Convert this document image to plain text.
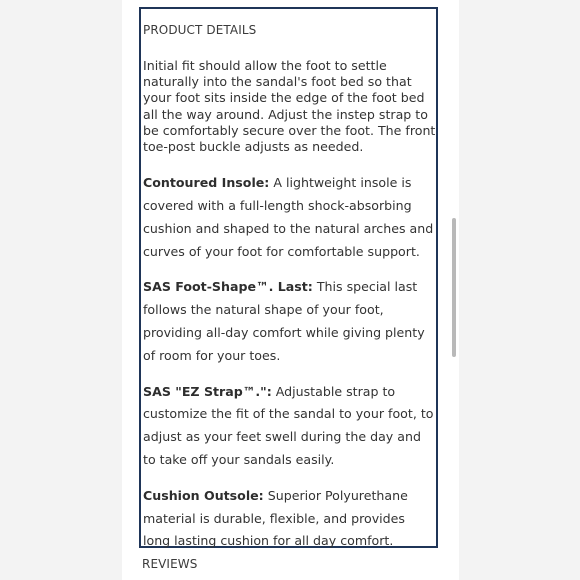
PRODUCT DETAILS

Initial fit should allow the foot to settle naturally into the sandal's foot bed so that your foot sits inside the edge of the foot bed all the way around. Adjust the instep strap to be comfortably secure over the foot. The front toe-post buckle adjusts as needed.

Contoured Insole: A lightweight insole is covered with a full-length shock-absorbing cushion and shaped to the natural arches and curves of your foot for comfortable support.

SAS Foot-Shape™. Last: This special last follows the natural shape of your foot, providing all-day comfort while giving plenty of room for your toes.

SAS "EZ Strap™.": Adjustable strap to customize the fit of the sandal to your foot, to adjust as your feet swell during the day and to take off your sandals easily.

Cushion Outsole: Superior Polyurethane material is durable, flexible, and provides long lasting cushion for all day comfort.

REVIEWS
